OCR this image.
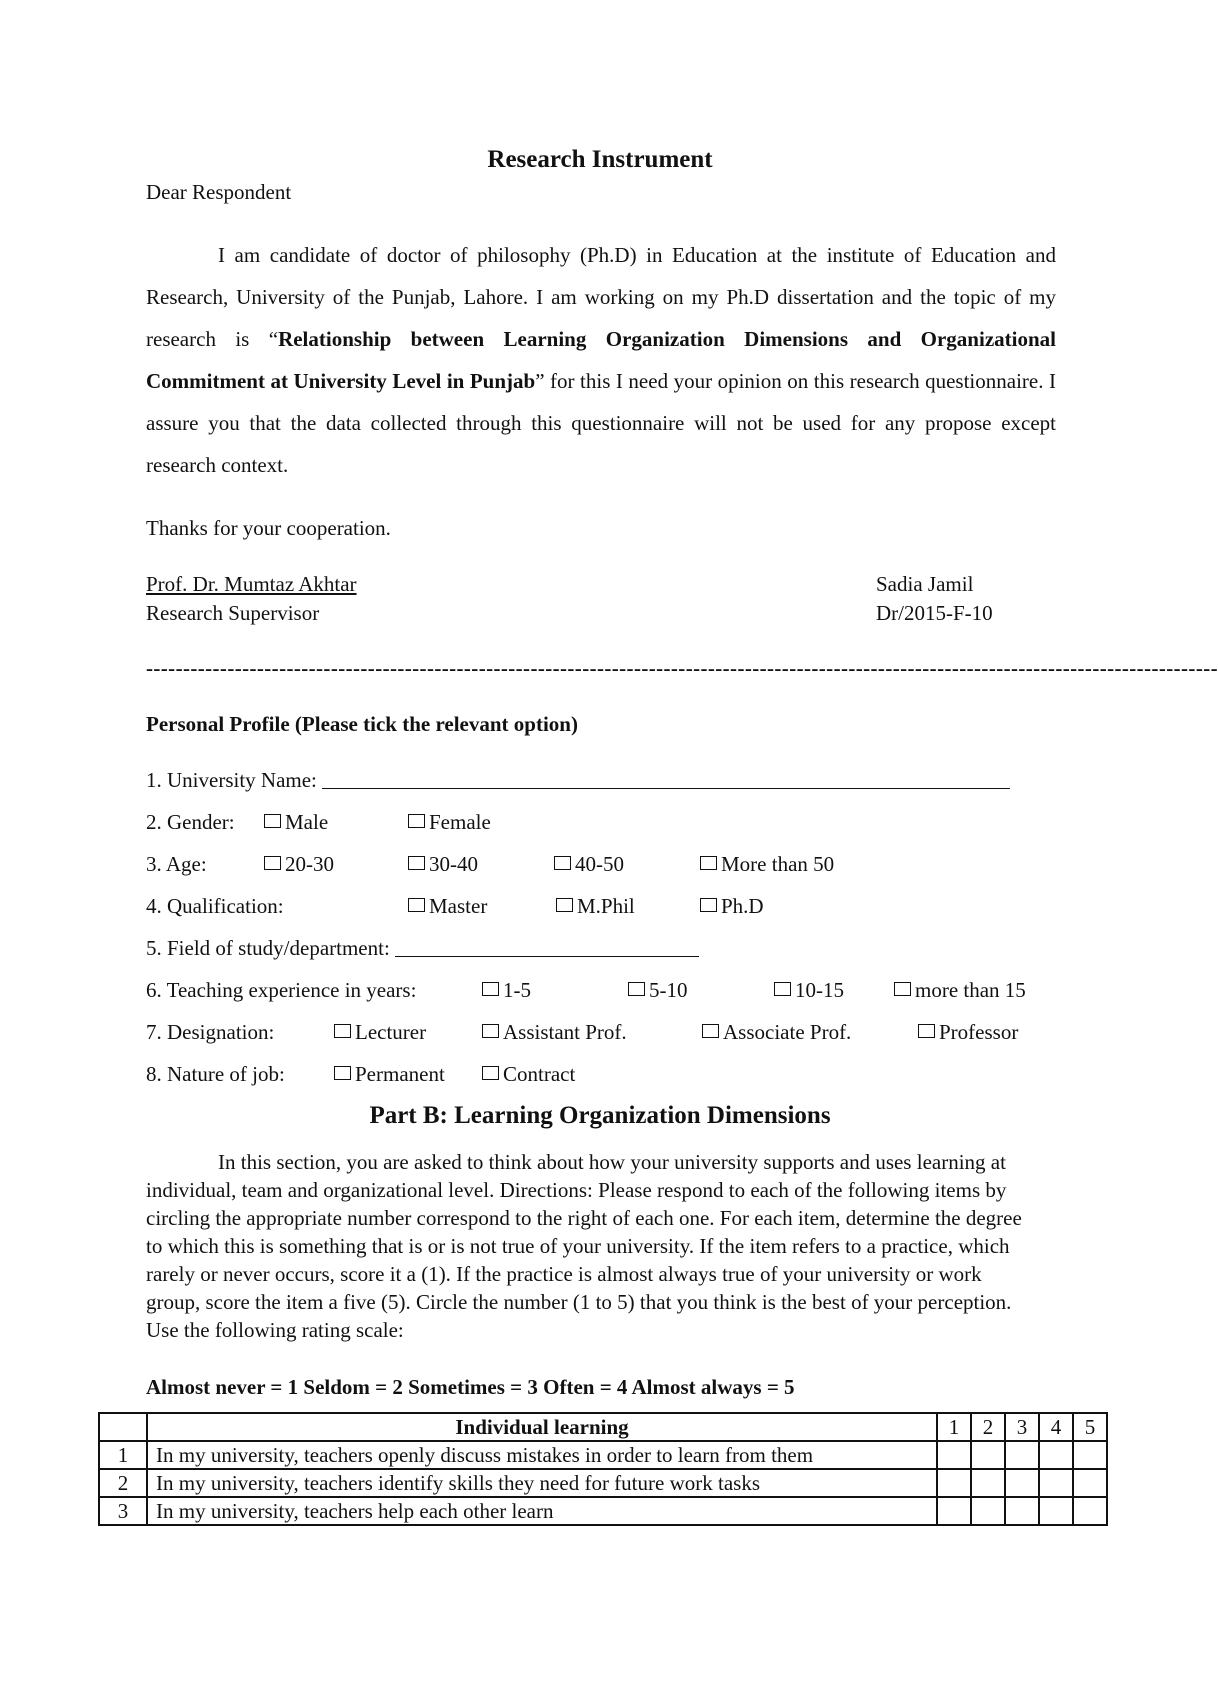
Research Instrument
Dear Respondent
I am candidate of doctor of philosophy (Ph.D) in Education at the institute of Education and Research, University of the Punjab, Lahore. I am working on my Ph.D dissertation and the topic of my research is “Relationship between Learning Organization Dimensions and Organizational Commitment at University Level in Punjab” for this I need your opinion on this research questionnaire. I assure you that the data collected through this questionnaire will not be used for any propose except research context.
Thanks for your cooperation.
Prof. Dr. Mumtaz Akhtar
Research Supervisor
Sadia Jamil
Dr/2015-F-10
-------------------------------------------------------------------------------------------------------------------------------------------------
Personal Profile (Please tick the relevant option)
1. University Name:
2. Gender:	Male	Female
3. Age:	20-30	30-40	40-50	More than 50
4. Qualification:	Master	M.Phil	Ph.D
5. Field of study/department:
6. Teaching experience in years:	1-5	5-10	10-15	more than 15
7. Designation:	Lecturer	Assistant Prof.	Associate Prof.	Professor
8. Nature of job:	Permanent	Contract
Part B: Learning Organization Dimensions
In this section, you are asked to think about how your university supports and uses learning at individual, team and organizational level. Directions: Please respond to each of the following items by circling the appropriate number correspond to the right of each one. For each item, determine the degree to which this is something that is or is not true of your university. If the item refers to a practice, which rarely or never occurs, score it a (1). If the practice is almost always true of your university or work group, score the item a five (5). Circle the number (1 to 5) that you think is the best of your perception. Use the following rating scale:
Almost never = 1 Seldom = 2 Sometimes = 3 Often = 4 Almost always = 5
	Individual learning	1	2	3	4	5
1	In my university, teachers openly discuss mistakes in order to learn from them					
2	In my university, teachers identify skills they need for future work tasks					
3	In my university, teachers help each other learn					
